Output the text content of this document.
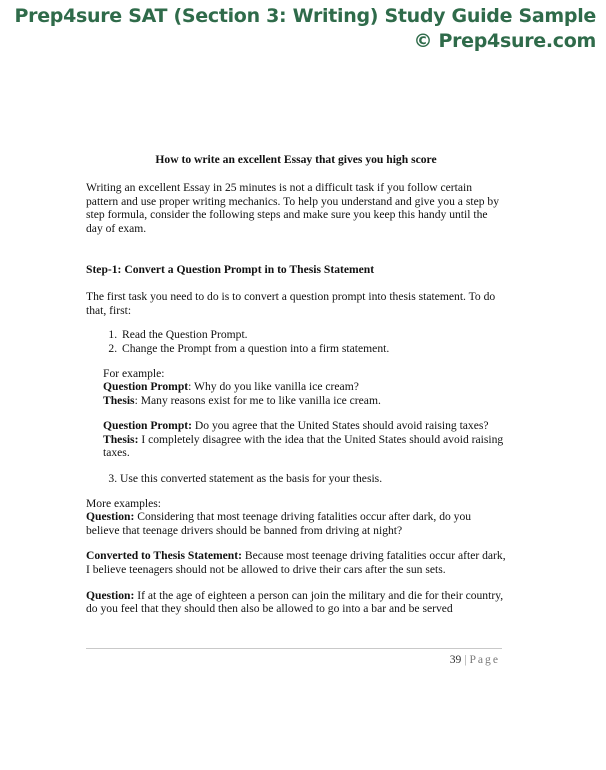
Prep4sure SAT (Section 3: Writing) Study Guide Sample
© Prep4sure.com

How to write an excellent Essay that gives you high score

Writing an excellent Essay in 25 minutes is not a difficult task if you follow certain pattern and use proper writing mechanics. To help you understand and give you a step by step formula, consider the following steps and make sure you keep this handy until the day of exam.

Step-1: Convert a Question Prompt in to Thesis Statement

The first task you need to do is to convert a question prompt into thesis statement. To do that, first:

1. Read the Question Prompt.
2. Change the Prompt from a question into a firm statement.
For example:
Question Prompt: Why do you like vanilla ice cream?
Thesis: Many reasons exist for me to like vanilla ice cream.
Question Prompt: Do you agree that the United States should avoid raising taxes?
Thesis: I completely disagree with the idea that the United States should avoid raising taxes.
3. Use this converted statement as the basis for your thesis.
More examples:
Question: Considering that most teenage driving fatalities occur after dark, do you believe that teenage drivers should be banned from driving at night?
Converted to Thesis Statement: Because most teenage driving fatalities occur after dark, I believe teenagers should not be allowed to drive their cars after the sun sets.
Question: If at the age of eighteen a person can join the military and die for their country, do you feel that they should then also be allowed to go into a bar and be served
39 | Page
